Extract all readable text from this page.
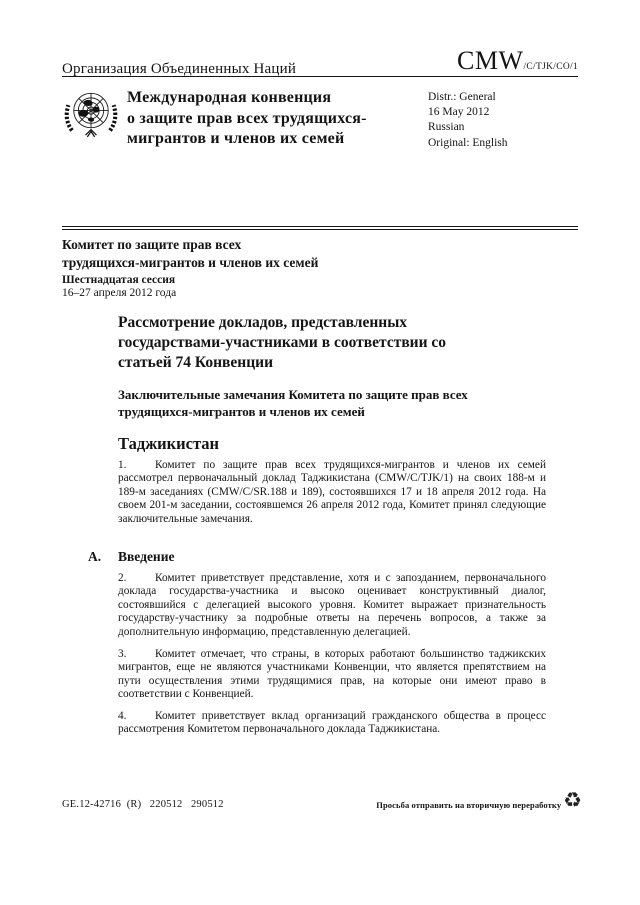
Организация Объединенных Наций	CMW/C/TJK/CO/1
Международная конвенция
о защите прав всех трудящихся-
мигрантов и членов их семей
Distr.: General
16 May 2012
Russian
Original: English
Комитет по защите прав всех
трудящихся-мигрантов и членов их семей
Шестнадцатая сессия
16–27 апреля 2012 года
Рассмотрение докладов, представленных государствами-участниками в соответствии со статьей 74 Конвенции
Заключительные замечания Комитета по защите прав всех трудящихся-мигрантов и членов их семей
Таджикистан
1.	Комитет по защите прав всех трудящихся-мигрантов и членов их семей рассмотрел первоначальный доклад Таджикистана (CMW/C/TJK/1) на своих 188-м и 189-м заседаниях (CMW/C/SR.188 и 189), состоявшихся 17 и 18 апреля 2012 года. На своем 201-м заседании, состоявшемся 26 апреля 2012 года, Комитет принял следующие заключительные замечания.
A. Введение
2.	Комитет приветствует представление, хотя и с запозданием, первоначального доклада государства-участника и высоко оценивает конструктивный диалог, состоявшийся с делегацией высокого уровня. Комитет выражает признательность государству-участнику за подробные ответы на перечень вопросов, а также за дополнительную информацию, представленную делегацией.
3.	Комитет отмечает, что страны, в которых работают большинство таджикских мигрантов, еще не являются участниками Конвенции, что является препятствием на пути осуществления этими трудящимися прав, на которые они имеют право в соответствии с Конвенцией.
4.	Комитет приветствует вклад организаций гражданского общества в процесс рассмотрения Комитетом первоначального доклада Таджикистана.
GE.12-42716  (R)   220512   290512	Просьба отправить на вторичную переработку ♻
